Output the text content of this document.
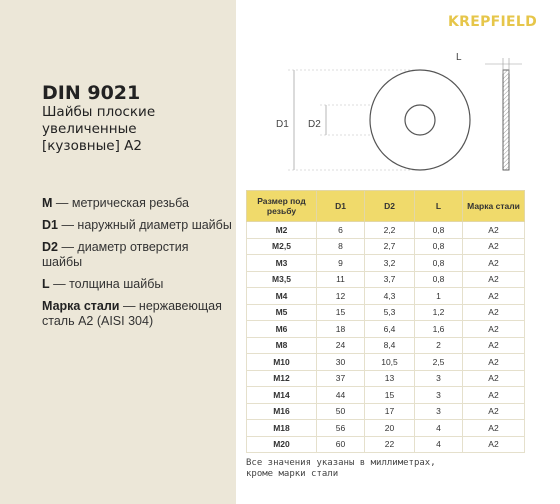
DIN 9021
Шайбы плоские
увеличенные
[кузовные] А2
M — метрическая резьба
D1 — наружный диаметр шайбы
D2 — диаметр отверстия шайбы
L — толщина шайбы
Марка стали — нержавеющая сталь A2 (AISI 304)
KREPFIELD
D1 D2
L
Размер под резьбу	D1	D2	L	Марка стали
M2	6	2,2	0,8	A2
M2,5	8	2,7	0,8	A2
M3	9	3,2	0,8	A2
M3,5	11	3,7	0,8	A2
M4	12	4,3	1	A2
M5	15	5,3	1,2	A2
M6	18	6,4	1,6	A2
M8	24	8,4	2	A2
M10	30	10,5	2,5	A2
M12	37	13	3	A2
M14	44	15	3	A2
M16	50	17	3	A2
M18	56	20	4	A2
M20	60	22	4	A2
Все значения указаны в миллиметрах,
кроме марки стали
